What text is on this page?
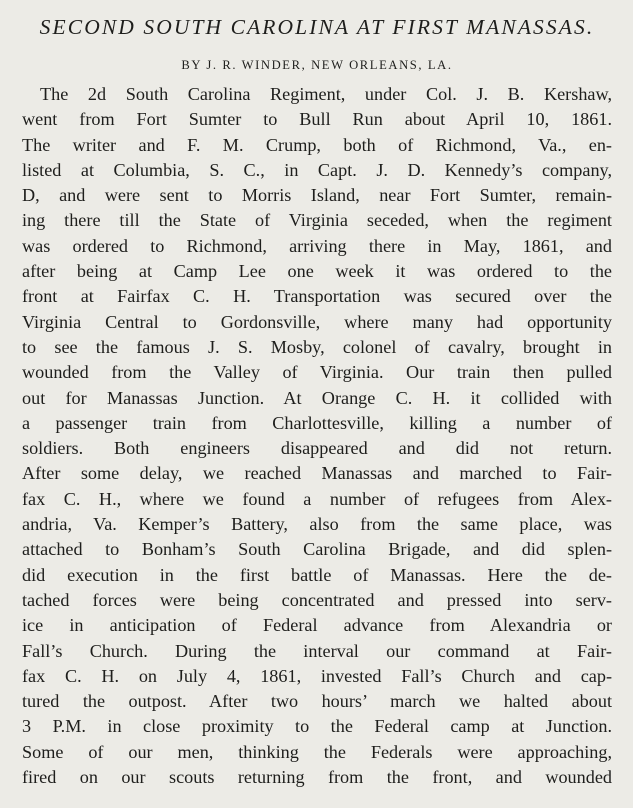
SECOND SOUTH CAROLINA AT FIRST MANASSAS.
BY J. R. WINDER, NEW ORLEANS, LA.
The 2d South Carolina Regiment, under Col. J. B. Kershaw,
went from Fort Sumter to Bull Run about April 10, 1861.
The writer and F. M. Crump, both of Richmond, Va., en-
listed at Columbia, S. C., in Capt. J. D. Kennedy’s company,
D, and were sent to Morris Island, near Fort Sumter, remain-
ing there till the State of Virginia seceded, when the regiment
was ordered to Richmond, arriving there in May, 1861, and
after being at Camp Lee one week it was ordered to the
front at Fairfax C. H. Transportation was secured over the
Virginia Central to Gordonsville, where many had opportunity
to see the famous J. S. Mosby, colonel of cavalry, brought in
wounded from the Valley of Virginia. Our train then pulled
out for Manassas Junction. At Orange C. H. it collided with
a passenger train from Charlottesville, killing a number of
soldiers. Both engineers disappeared and did not return.
After some delay, we reached Manassas and marched to Fair-
fax C. H., where we found a number of refugees from Alex-
andria, Va. Kemper’s Battery, also from the same place, was
attached to Bonham’s South Carolina Brigade, and did splen-
did execution in the first battle of Manassas. Here the de-
tached forces were being concentrated and pressed into serv-
ice in anticipation of Federal advance from Alexandria or
Fall’s Church. During the interval our command at Fair-
fax C. H. on July 4, 1861, invested Fall’s Church and cap-
tured the outpost. After two hours’ march we halted about
3 P.M. in close proximity to the Federal camp at Junction.
Some of our men, thinking the Federals were approaching,
fired on our scouts returning from the front, and wounded
